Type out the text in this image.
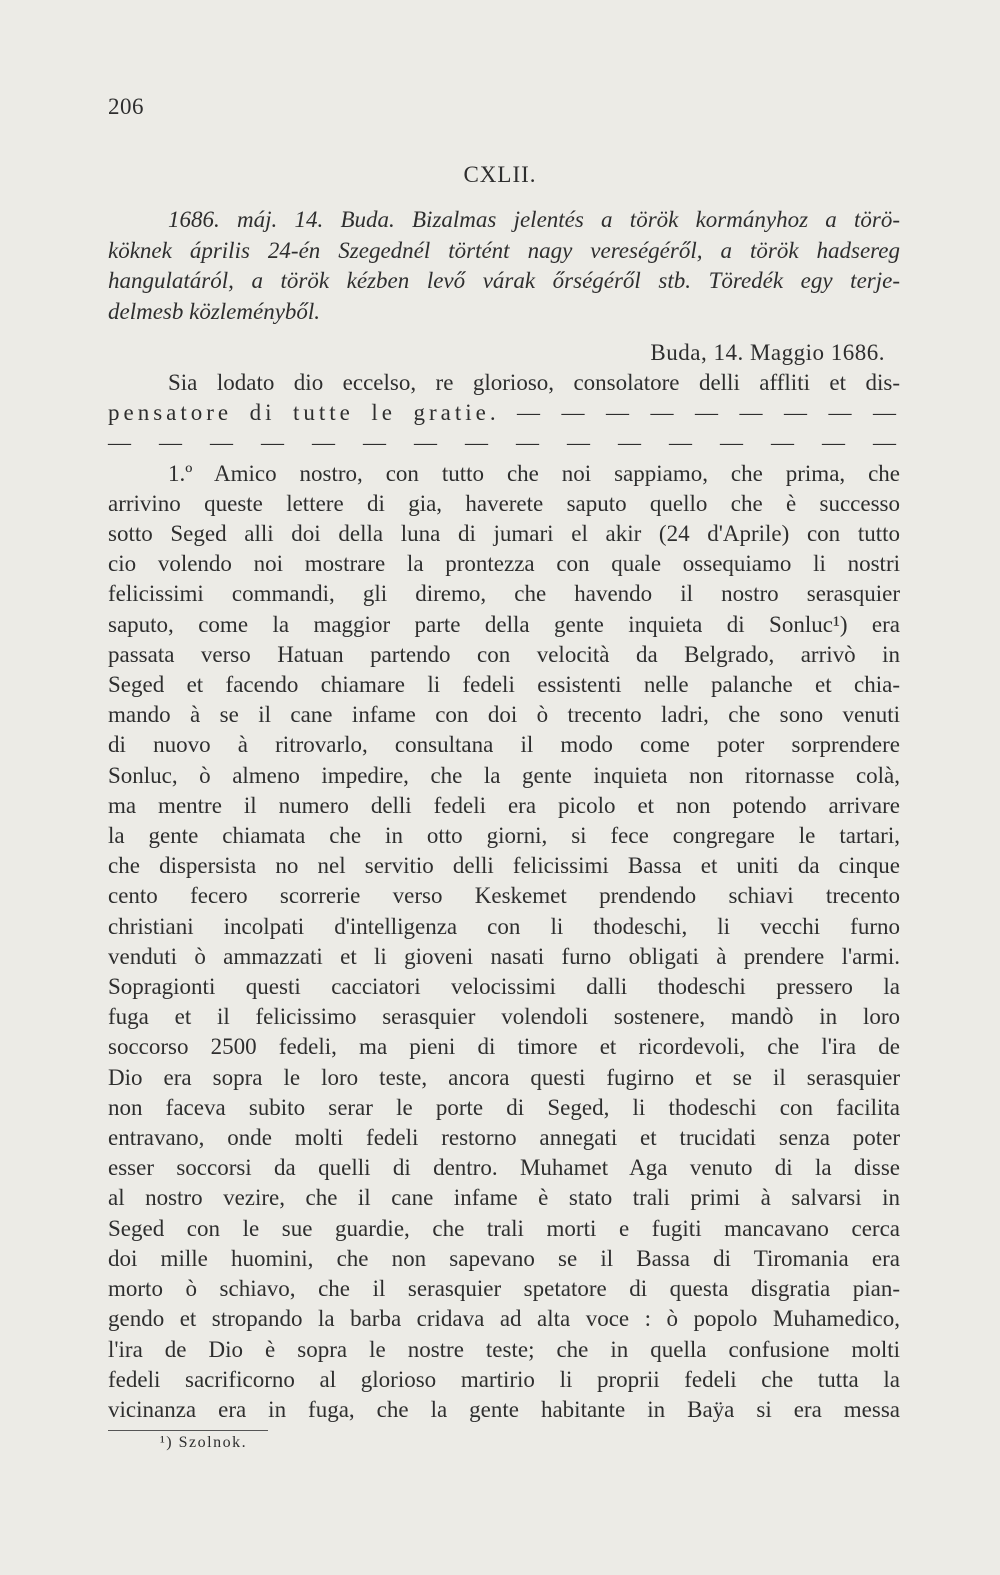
206
CXLII.
1686. máj. 14. Buda. Bizalmas jelentés a török kormányhoz a törö-
köknek április 24-én Szegednél történt nagy vereségéről, a török hadsereg
hangulatáról, a török kézben levő várak őrségéről stb. Töredék egy terje-
delmesb közleményből.
Buda, 14. Maggio 1686.
Sia lodato dio eccelso, re glorioso, consolatore delli affliti et dis-
pensatore di tutte le gratie. — — — — — — — — —
— — — — — — — — — — — — — — — —
1.º Amico nostro, con tutto che noi sappiamo, che prima, che
arrivino queste lettere di gia, haverete saputo quello che è successo
sotto Seged alli doi della luna di jumari el akir (24 d'Aprile) con tutto
cio volendo noi mostrare la prontezza con quale ossequiamo li nostri
felicissimi commandi, gli diremo, che havendo il nostro serasquier
saputo, come la maggior parte della gente inquieta di Sonluc¹) era
passata verso Hatuan partendo con velocità da Belgrado, arrivò in
Seged et facendo chiamare li fedeli essistenti nelle palanche et chia-
mando à se il cane infame con doi ò trecento ladri, che sono venuti
di nuovo à ritrovarlo, consultana il modo come poter sorprendere
Sonluc, ò almeno impedire, che la gente inquieta non ritornasse colà,
ma mentre il numero delli fedeli era picolo et non potendo arrivare
la gente chiamata che in otto giorni, si fece congregare le tartari,
che dispersista no nel servitio delli felicissimi Bassa et uniti da cinque
cento fecero scorrerie verso Keskemet prendendo schiavi trecento
christiani incolpati d'intelligenza con li thodeschi, li vecchi furno
venduti ò ammazzati et li gioveni nasati furno obligati à prendere l'armi.
Sopragionti questi cacciatori velocissimi dalli thodeschi pressero la
fuga et il felicissimo serasquier volendoli sostenere, mandò in loro
soccorso 2500 fedeli, ma pieni di timore et ricordevoli, che l'ira de
Dio era sopra le loro teste, ancora questi fugirno et se il serasquier
non faceva subito serar le porte di Seged, li thodeschi con facilita
entravano, onde molti fedeli restorno annegati et trucidati senza poter
esser soccorsi da quelli di dentro. Muhamet Aga venuto di la disse
al nostro vezire, che il cane infame è stato trali primi à salvarsi in
Seged con le sue guardie, che trali morti e fugiti mancavano cerca
doi mille huomini, che non sapevano se il Bassa di Tiromania era
morto ò schiavo, che il serasquier spetatore di questa disgratia pian-
gendo et stropando la barba cridava ad alta voce : ò popolo Muhamedico,
l'ira de Dio è sopra le nostre teste; che in quella confusione molti
fedeli sacrificorno al glorioso martirio li proprii fedeli che tutta la
vicinanza era in fuga, che la gente habitante in Baÿa si era messa
¹) Szolnok.
